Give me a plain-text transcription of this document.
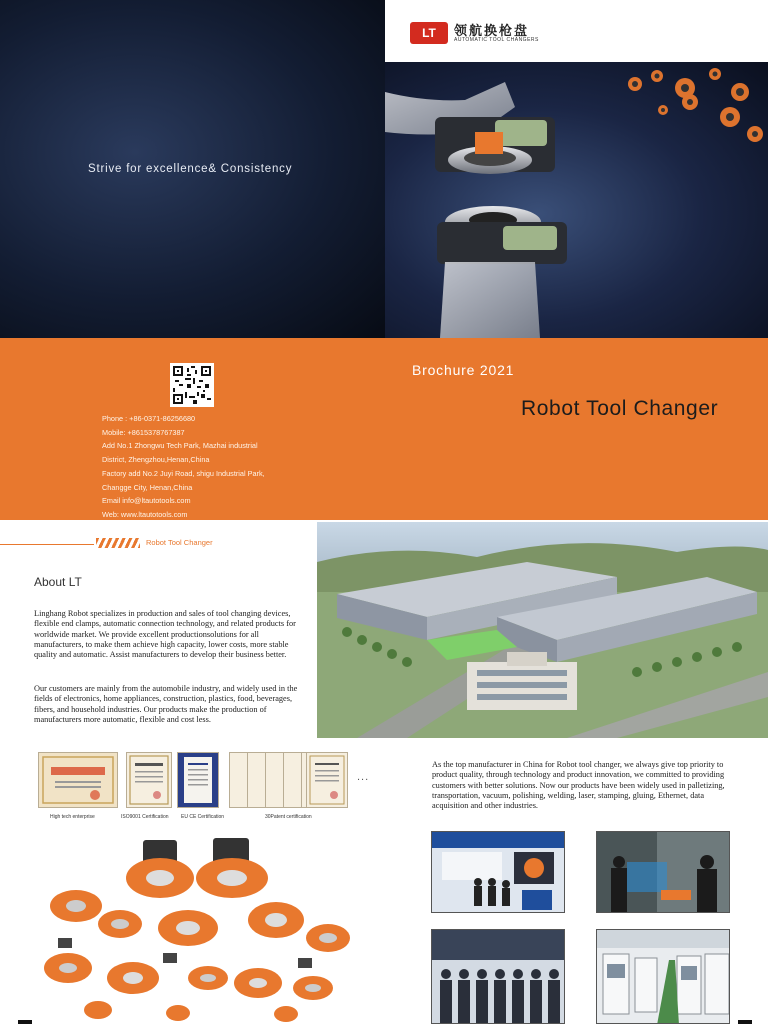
Strive for excellence& Consistency
LT	领航换枪盘
AUTOMATIC TOOL CHANGERS
Phone : +86-0371-86256680
Mobile: +8615378767387
Add No.1 Zhongwu Tech Park, Mazhai industrial
District, Zhengzhou,Henan,China
Factory add No.2 Juyi Road, shigu Industrial Park,
Changge City, Henan,China
Email info@ltautotools.com
Web: www.ltautotools.com
Brochure 2021
Robot Tool Changer
Robot Tool Changer
About LT
Linghang Robot specializes in production and sales of tool changing devices, flexible end clamps, automatic connection technology, and related products for worldwide market. We provide excellent productionsolutions for all manufacturers, to make them achieve high capacity, lower costs, more stable quality and automatic. Assist manufacturers to develop their business better.
Our customers are mainly from the automobile industry, and widely used in the fields of electronics, home appliances, construction, plastics, food, beverages, fibers, and household industries. Our products make the production of manufacturers more automatic, flexible and cost less.
...
High tech enterprise	ISO9001 Certification EU CE Certification	30Patent certification
As the top manufacturer in China for Robot tool changer, we always give top priority to product quality, through technology and product innovation, we committed to providing customers with better solutions. Now our products have been widely used in palletizing, transportation, vacuum, polishing, welding, laser, stamping, gluing, Ethernet, data acquisition and other industries.
